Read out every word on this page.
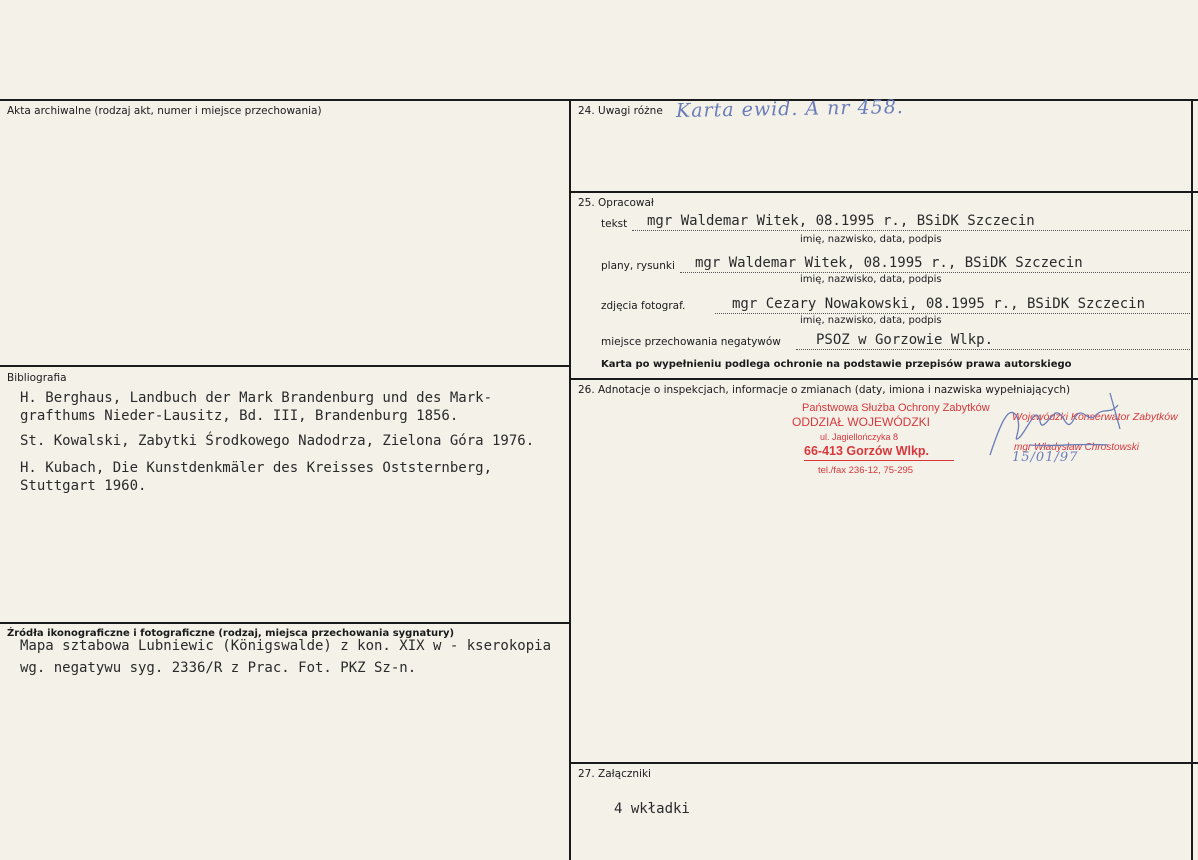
Akta archiwalne (rodzaj akt, numer i miejsce przechowania)	24. Uwagi różne Karta ewid. A nr 458.
25. Opracował
tekst mgr Waldemar Witek, 08.1995 r., BSiDK Szczecin
imię, nazwisko, data, podpis
plany, rysunki mgr Waldemar Witek, 08.1995 r., BSiDK Szczecin
imię, nazwisko, data, podpis
zdjęcia fotograf.	mgr Cezary Nowakowski, 08.1995 r., BSiDK Szczecin
imię, nazwisko, data, podpis
miejsce przechowania negatywów	PSOZ w Gorzowie Wlkp.
Karta po wypełnieniu podlega ochronie na podstawie przepisów prawa autorskiego
Bibliografia
H. Berghaus, Landbuch der Mark Brandenburg und des Mark-
grafthums Nieder-Lausitz, Bd. III, Brandenburg 1856.
St. Kowalski, Zabytki Środkowego Nadodrza, Zielona Góra 1976.
H. Kubach, Die Kunstdenkmäler des Kreisses Oststernberg,
Stuttgart 1960.
26. Adnotacje o inspekcjach, informacje o zmianach (daty, imiona i nazwiska wypełniających)
Państwowa Służba Ochrony Zabytków
ODDZIAŁ WOJEWÓDZKI
ul. Jagiellończyka 8
66-413 Gorzów Wlkp.
tel./fax 236-12, 75-295
Wojewódzki Konserwator Zabytków
mgr Władysław Chrostowski
15/01/97
Źródła ikonograficzne i fotograficzne (rodzaj, miejsca przechowania sygnatury)
Mapa sztabowa Lubniewic (Königswalde) z kon. XIX w - kserokopia
wg. negatywu syg. 2336/R z Prac. Fot. PKZ Sz-n.
27. Załączniki
4 wkładki
